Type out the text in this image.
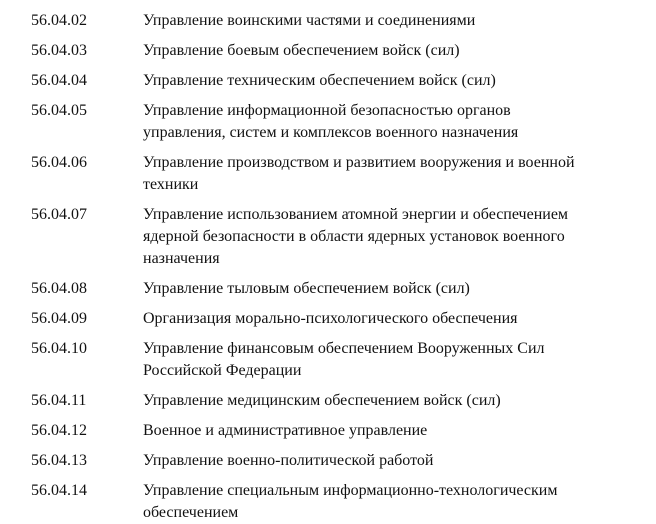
56.04.02	Управление воинскими частями и соединениями
56.04.03	Управление боевым обеспечением войск (сил)
56.04.04	Управление техническим обеспечением войск (сил)
56.04.05	Управление информационной безопасностью органов
управления, систем и комплексов военного назначения
56.04.06	Управление производством и развитием вооружения и военной
техники
56.04.07	Управление использованием атомной энергии и обеспечением
ядерной безопасности в области ядерных установок военного
назначения
56.04.08	Управление тыловым обеспечением войск (сил)
56.04.09	Организация морально-психологического обеспечения
56.04.10	Управление финансовым обеспечением Вооруженных Сил
Российской Федерации
56.04.11	Управление медицинским обеспечением войск (сил)
56.04.12	Военное и административное управление
56.04.13	Управление военно-политической работой
56.04.14	Управление специальным информационно-технологическим
обеспечением
